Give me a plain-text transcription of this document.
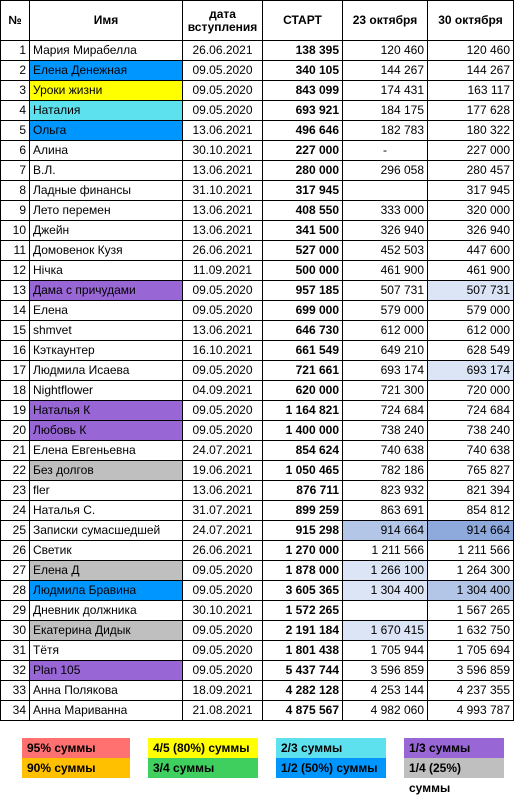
№	Имя	дата вступления	СТАРТ	23 октября	30 октября
1	Мария Мирабелла	26.06.2021	138 395	120 460	120 460
2	Елена Денежная	09.05.2020	340 105	144 267	144 267
3	Уроки жизни	09.05.2020	843 099	174 431	163 117
4	Наталия	09.05.2020	693 921	184 175	177 628
5	Ольга	13.06.2021	496 646	182 783	180 322
6	Алина	30.10.2021	227 000	-	227 000
7	В.Л.	13.06.2021	280 000	296 058	280 457
8	Ладные финансы	31.10.2021	317 945		317 945
9	Лето перемен	13.06.2021	408 550	333 000	320 000
10	Джейн	13.06.2021	341 500	326 940	326 940
11	Домовенок Кузя	26.06.2021	527 000	452 503	447 600
12	Нічка	11.09.2021	500 000	461 900	461 900
13	Дама с причудами	09.05.2020	957 185	507 731	507 731
14	Елена	09.05.2020	699 000	579 000	579 000
15	shmvet	13.06.2021	646 730	612 000	612 000
16	Кэткаунтер	16.10.2021	661 549	649 210	628 549
17	Людмила Исаева	09.05.2020	721 661	693 174	693 174
18	Nightflower	04.09.2021	620 000	721 300	720 000
19	Наталья К	09.05.2020	1 164 821	724 684	724 684
20	Любовь К	09.05.2020	1 400 000	738 240	738 240
21	Елена Евгеньевна	24.07.2021	854 624	740 638	740 638
22	Без долгов	19.06.2021	1 050 465	782 186	765 827
23	fler	13.06.2021	876 711	823 932	821 394
24	Наталья С.	31.07.2021	899 259	863 691	854 812
25	Записки сумасшедшей	24.07.2021	915 298	914 664	914 664
26	Светик	26.06.2021	1 270 000	1 211 566	1 211 566
27	Елена Д	09.05.2020	1 878 000	1 266 100	1 264 300
28	Людмила Бравина	09.05.2020	3 605 365	1 304 400	1 304 400
29	Дневник должника	30.10.2021	1 572 265		1 567 265
30	Екатерина Дидык	09.05.2020	2 191 184	1 670 415	1 632 750
31	Тётя	09.05.2020	1 801 438	1 705 944	1 705 694
32	Plan 105	09.05.2020	5 437 744	3 596 859	3 596 859
33	Анна Полякова	18.09.2021	4 282 128	4 253 144	4 237 355
34	Анна Мариванна	21.08.2021	4 875 567	4 982 060	4 993 787
95% суммы
90% суммы
4/5 (80%) суммы
3/4 суммы
2/3 суммы
1/2 (50%) суммы
1/3 суммы
1/4 (25%) суммы
